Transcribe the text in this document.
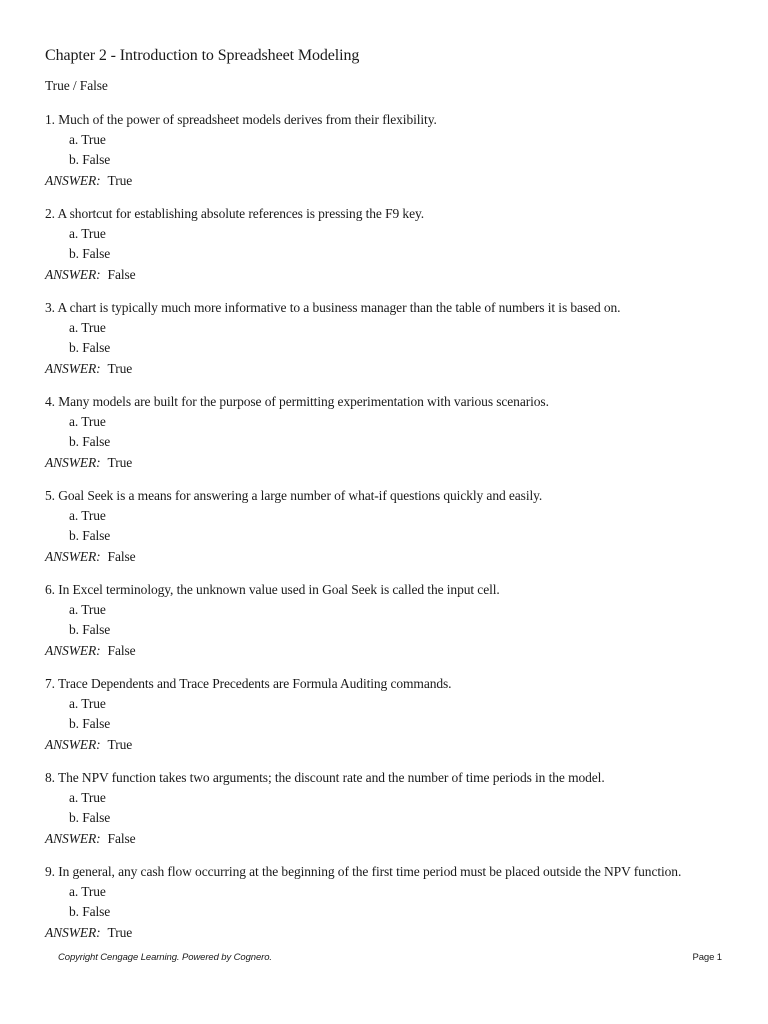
Chapter 2 - Introduction to Spreadsheet Modeling
True / False
1. Much of the power of spreadsheet models derives from their flexibility.
a. True
b. False
ANSWER: True
2. A shortcut for establishing absolute references is pressing the F9 key.
a. True
b. False
ANSWER: False
3. A chart is typically much more informative to a business manager than the table of numbers it is based on.
a. True
b. False
ANSWER: True
4. Many models are built for the purpose of permitting experimentation with various scenarios.
a. True
b. False
ANSWER: True
5. Goal Seek is a means for answering a large number of what-if questions quickly and easily.
a. True
b. False
ANSWER: False
6. In Excel terminology, the unknown value used in Goal Seek is called the input cell.
a. True
b. False
ANSWER: False
7. Trace Dependents and Trace Precedents are Formula Auditing commands.
a. True
b. False
ANSWER: True
8. The NPV function takes two arguments; the discount rate and the number of time periods in the model.
a. True
b. False
ANSWER: False
9. In general, any cash flow occurring at the beginning of the first time period must be placed outside the NPV function.
a. True
b. False
ANSWER: True
Copyright Cengage Learning. Powered by Cognero.	Page 1
